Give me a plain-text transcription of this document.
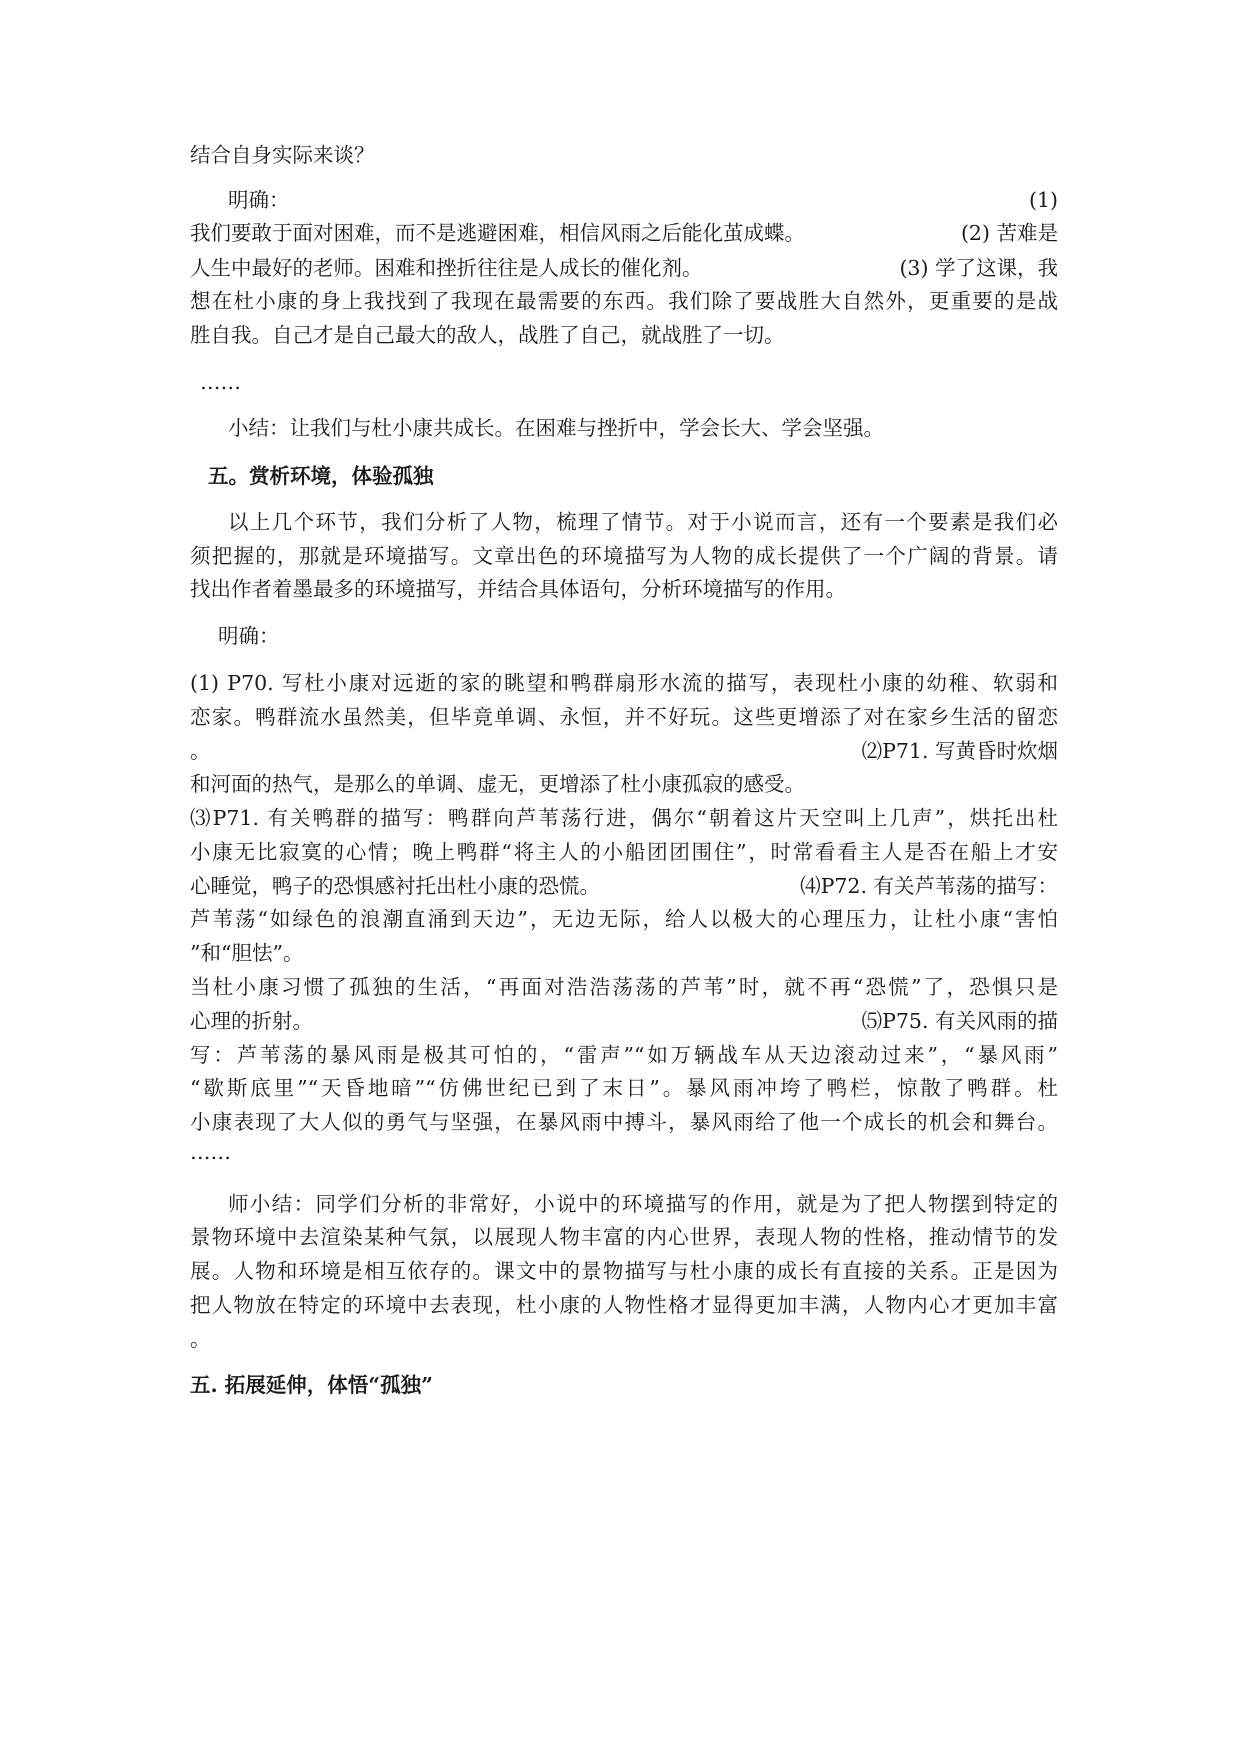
结合自身实际来谈？

明确：	(1)

我们要敢于面对困难，而不是逃避困难，相信风雨之后能化茧成蝶。	(2) 苦难是

人生中最好的老师。困难和挫折往往是人成长的催化剂。	(3) 学了这课，我

想在杜小康的身上我找到了我现在最需要的东西。我们除了要战胜大自然外，更重要的是战

胜自我。自己才是自己最大的敌人，战胜了自己，就战胜了一切。

……

小结：让我们与杜小康共成长。在困难与挫折中，学会长大、学会坚强。

五。赏析环境，体验孤独

以上几个环节，我们分析了人物，梳理了情节。对于小说而言，还有一个要素是我们必

须把握的，那就是环境描写。文章出色的环境描写为人物的成长提供了一个广阔的背景。请

找出作者着墨最多的环境描写，并结合具体语句，分析环境描写的作用。

明确：

(1) P70. 写杜小康对远逝的家的眺望和鸭群扇形水流的描写，表现杜小康的幼稚、软弱和

恋家。鸭群流水虽然美，但毕竟单调、永恒，并不好玩。这些更增添了对在家乡生活的留恋

。	⑵P71. 写黄昏时炊烟

和河面的热气，是那么的单调、虚无，更增添了杜小康孤寂的感受。

⑶P71. 有关鸭群的描写：鸭群向芦苇荡行进，偶尔“朝着这片天空叫上几声”，烘托出杜

小康无比寂寞的心情；晚上鸭群“将主人的小船团团围住”，时常看看主人是否在船上才安

心睡觉，鸭子的恐惧感衬托出杜小康的恐慌。	⑷P72. 有关芦苇荡的描写：

芦苇荡“如绿色的浪潮直涌到天边”，无边无际，给人以极大的心理压力，让杜小康“害怕

”和“胆怯”。

当杜小康习惯了孤独的生活，“再面对浩浩荡荡的芦苇”时，就不再“恐慌”了，恐惧只是

心理的折射。	⑸P75. 有关风雨的描

写：芦苇荡的暴风雨是极其可怕的，“雷声”“如万辆战车从天边滚动过来”，“暴风雨”

“歇斯底里”“天昏地暗”“仿佛世纪已到了末日”。暴风雨冲垮了鸭栏，惊散了鸭群。杜

小康表现了大人似的勇气与坚强，在暴风雨中搏斗，暴风雨给了他一个成长的机会和舞台。

……

师小结：同学们分析的非常好，小说中的环境描写的作用，就是为了把人物摆到特定的

景物环境中去渲染某种气氛，以展现人物丰富的内心世界，表现人物的性格，推动情节的发

展。人物和环境是相互依存的。课文中的景物描写与杜小康的成长有直接的关系。正是因为

把人物放在特定的环境中去表现，杜小康的人物性格才显得更加丰满，人物内心才更加丰富

。

五. 拓展延伸，体悟“孤独”
